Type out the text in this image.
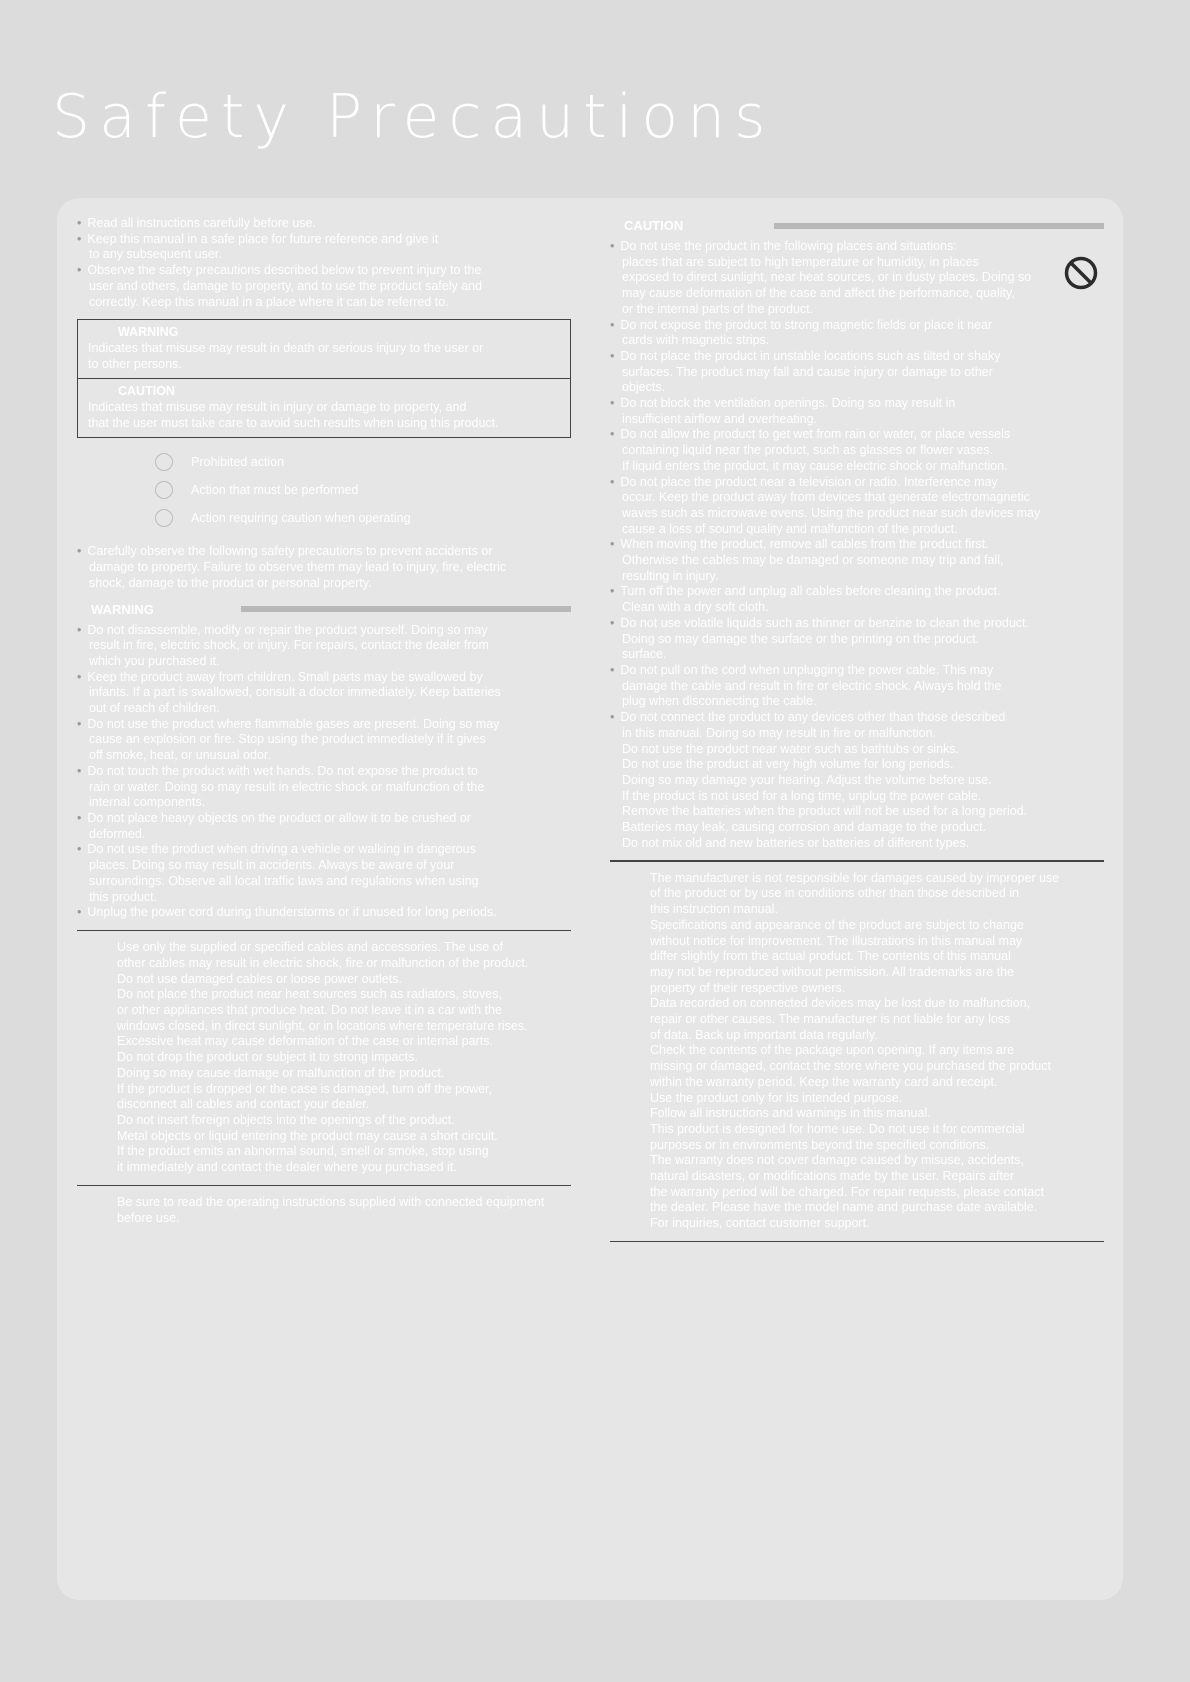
Safety Precautions

• Read all instructions carefully before use.

• Keep this manual in a safe place for future reference and give it

to any subsequent user.

• Observe the safety precautions described below to prevent injury to the

user and others, damage to property, and to use the product safely and

correctly. Keep this manual in a place where it can be referred to.

WARNING

Indicates that misuse may result in death or serious injury to the user or

to other persons.

CAUTION

Indicates that misuse may result in injury or damage to property, and

that the user must take care to avoid such results when using this product.

Prohibited action
Action that must be performed
Action requiring caution when operating

• Carefully observe the following safety precautions to prevent accidents or

damage to property. Failure to observe them may lead to injury, fire, electric

shock, damage to the product or personal property.

WARNING

• Do not disassemble, modify or repair the product yourself. Doing so may

result in fire, electric shock, or injury. For repairs, contact the dealer from

which you purchased it.

• Keep the product away from children. Small parts may be swallowed by

infants. If a part is swallowed, consult a doctor immediately. Keep batteries

out of reach of children.

• Do not use the product where flammable gases are present. Doing so may

cause an explosion or fire. Stop using the product immediately if it gives

off smoke, heat, or unusual odor.

• Do not touch the product with wet hands. Do not expose the product to

rain or water. Doing so may result in electric shock or malfunction of the

internal components.

• Do not place heavy objects on the product or allow it to be crushed or

deformed.

• Do not use the product when driving a vehicle or walking in dangerous

places. Doing so may result in accidents. Always be aware of your

surroundings. Observe all local traffic laws and regulations when using

this product.

• Unplug the power cord during thunderstorms or if unused for long periods.

Use only the supplied or specified cables and accessories. The use of

other cables may result in electric shock, fire or malfunction of the product.

Do not use damaged cables or loose power outlets.

Do not place the product near heat sources such as radiators, stoves,

or other appliances that produce heat. Do not leave it in a car with the

windows closed, in direct sunlight, or in locations where temperature rises.

Excessive heat may cause deformation of the case or internal parts.

Do not drop the product or subject it to strong impacts.

Doing so may cause damage or malfunction of the product.

If the product is dropped or the case is damaged, turn off the power,

disconnect all cables and contact your dealer.

Do not insert foreign objects into the openings of the product.

Metal objects or liquid entering the product may cause a short circuit.

If the product emits an abnormal sound, smell or smoke, stop using

it immediately and contact the dealer where you purchased it.

Be sure to read the operating instructions supplied with connected equipment

before use.

CAUTION

• Do not use the product in the following places and situations:

places that are subject to high temperature or humidity, in places

exposed to direct sunlight, near heat sources, or in dusty places. Doing so

may cause deformation of the case and affect the performance, quality,

or the internal parts of the product.

• Do not expose the product to strong magnetic fields or place it near

cards with magnetic strips.

• Do not place the product in unstable locations such as tilted or shaky

surfaces. The product may fall and cause injury or damage to other

objects.

• Do not block the ventilation openings. Doing so may result in

insufficient airflow and overheating.

• Do not allow the product to get wet from rain or water, or place vessels

containing liquid near the product, such as glasses or flower vases.

If liquid enters the product, it may cause electric shock or malfunction.

• Do not place the product near a television or radio. Interference may

occur. Keep the product away from devices that generate electromagnetic

waves such as microwave ovens. Using the product near such devices may

cause a loss of sound quality and malfunction of the product.

• When moving the product, remove all cables from the product first.

Otherwise the cables may be damaged or someone may trip and fall,

resulting in injury.

• Turn off the power and unplug all cables before cleaning the product.

Clean with a dry soft cloth.

• Do not use volatile liquids such as thinner or benzine to clean the product.

Doing so may damage the surface or the printing on the product.

surface.

• Do not pull on the cord when unplugging the power cable. This may

damage the cable and result in fire or electric shock. Always hold the

plug when disconnecting the cable.

• Do not connect the product to any devices other than those described

in this manual. Doing so may result in fire or malfunction.

Do not use the product near water such as bathtubs or sinks.

Do not use the product at very high volume for long periods.

Doing so may damage your hearing. Adjust the volume before use.

If the product is not used for a long time, unplug the power cable.

Remove the batteries when the product will not be used for a long period.

Batteries may leak, causing corrosion and damage to the product.

Do not mix old and new batteries or batteries of different types.

The manufacturer is not responsible for damages caused by improper use

of the product or by use in conditions other than those described in

this instruction manual.

Specifications and appearance of the product are subject to change

without notice for improvement. The illustrations in this manual may

differ slightly from the actual product. The contents of this manual

may not be reproduced without permission. All trademarks are the

property of their respective owners.

Data recorded on connected devices may be lost due to malfunction,

repair or other causes. The manufacturer is not liable for any loss

of data. Back up important data regularly.

Check the contents of the package upon opening. If any items are

missing or damaged, contact the store where you purchased the product

within the warranty period. Keep the warranty card and receipt.

Use the product only for its intended purpose.

Follow all instructions and warnings in this manual.

This product is designed for home use. Do not use it for commercial

purposes or in environments beyond the specified conditions.

The warranty does not cover damage caused by misuse, accidents,

natural disasters, or modifications made by the user. Repairs after

the warranty period will be charged. For repair requests, please contact

the dealer. Please have the model name and purchase date available.

For inquiries, contact customer support.
